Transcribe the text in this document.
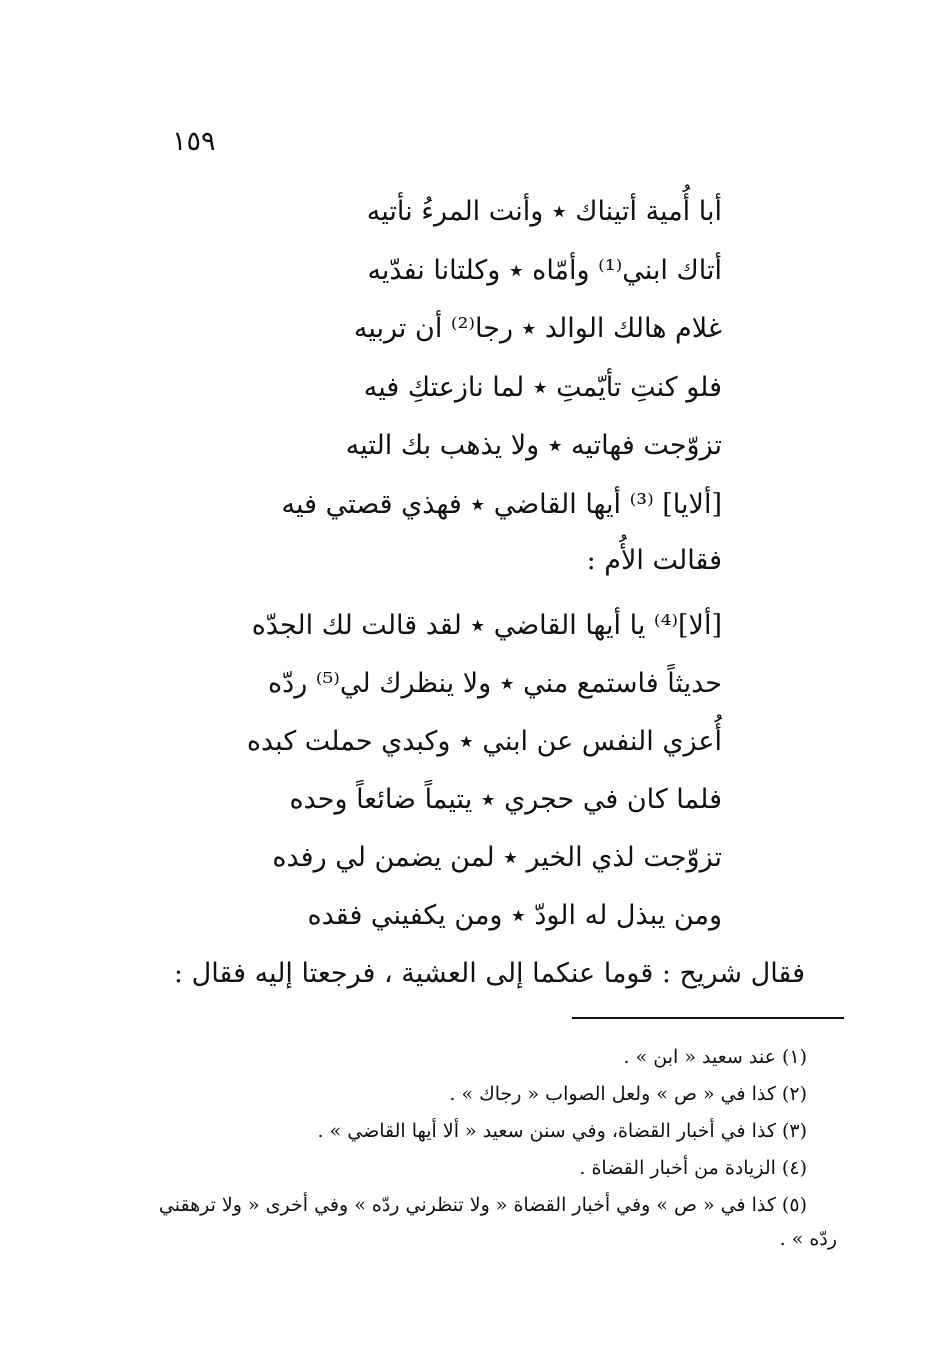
١٥٩
أبا أُمية أتيناك ٭ وأنت المرءُ نأتيه
أتاك ابني⁽¹⁾ وأمّاه ٭ وكلتانا نفدّيه
غلام هالك الوالد ٭ رجا⁽²⁾ أن تربيه
فلو كنتِ تأيّمتِ ٭ لما نازعتكِ فيه
تزوّجت فهاتيه ٭ ولا يذهب بك التيه
[ألايا] ⁽³⁾ أيها القاضي ٭ فهذي قصتي فيه
فقالت الأُم :
[ألا]⁽⁴⁾ يا أيها القاضي ٭ لقد قالت لك الجدّه
حديثاً فاستمع مني ٭ ولا ينظرك لي⁽⁵⁾ ردّه
أُعزي النفس عن ابني ٭ وكبدي حملت كبده
فلما كان في حجري ٭ يتيماً ضائعاً وحده
تزوّجت لذي الخير ٭ لمن يضمن لي رفده
ومن يبذل له الودّ ٭ ومن يكفيني فقده
فقال شريح : قوما عنكما إلى العشية ، فرجعتا إليه فقال :
(١) عند سعيد « ابن » .
(٢) كذا في « ص » ولعل الصواب « رجاك » .
(٣) كذا في أخبار القضاة، وفي سنن سعيد « ألا أيها القاضي » .
(٤) الزيادة من أخبار القضاة .
(٥) كذا في « ص » وفي أخبار القضاة « ولا تنظرني ردّه » وفي أخرى « ولا ترهقني
ردّه » .
